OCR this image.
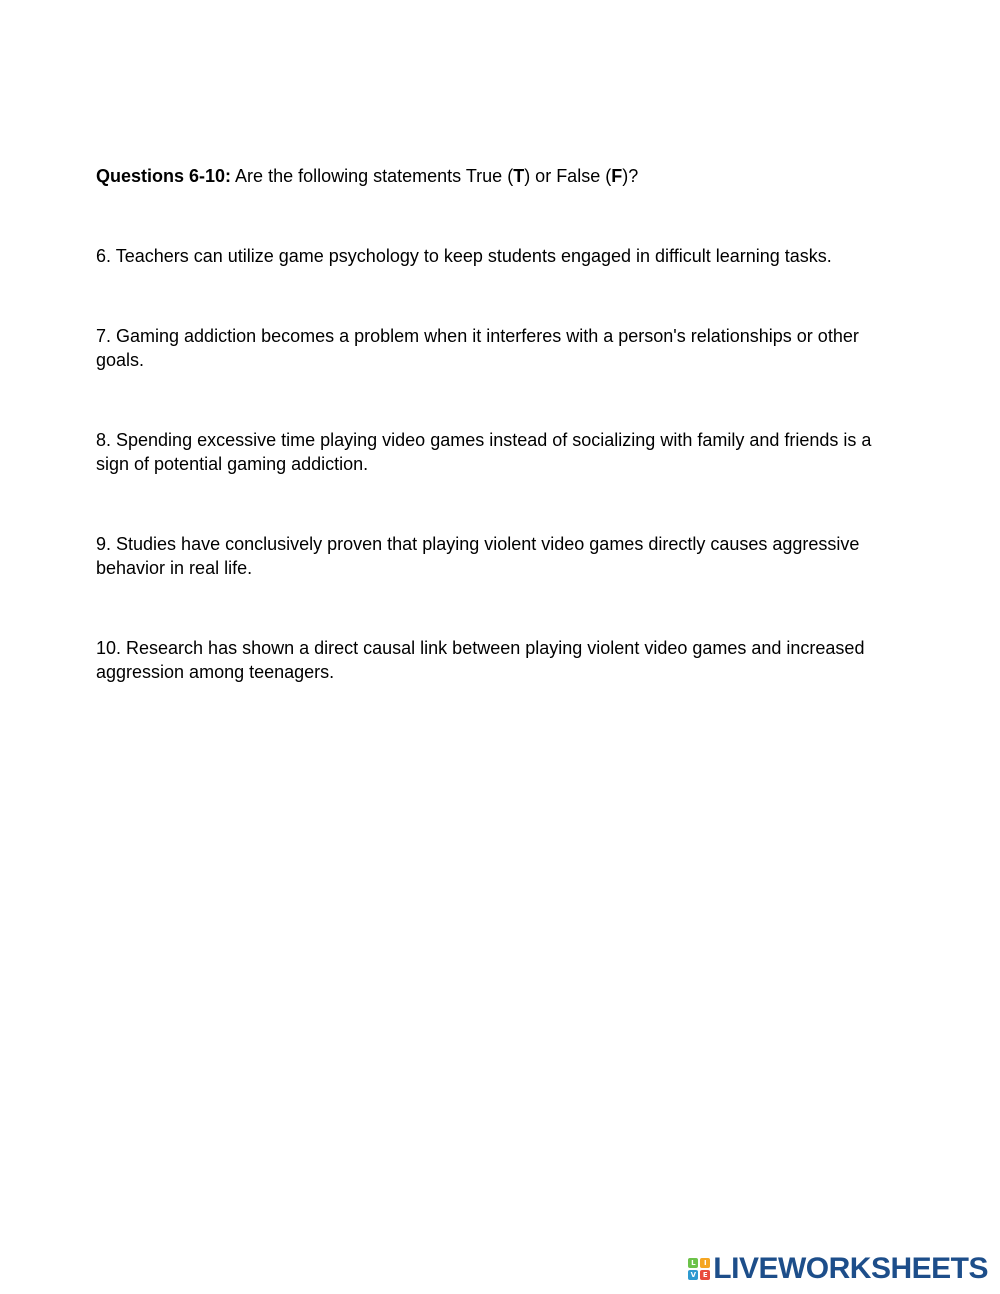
Questions 6-10: Are the following statements True (T) or False (F)?

6. Teachers can utilize game psychology to keep students engaged in difficult learning tasks.

7. Gaming addiction becomes a problem when it interferes with a person's relationships or other goals.

8. Spending excessive time playing video games instead of socializing with family and friends is a sign of potential gaming addiction.

9. Studies have conclusively proven that playing violent video games directly causes aggressive behavior in real life.

10. Research has shown a direct causal link between playing violent video games and increased aggression among teenagers.

L	I
V E LIVEWORKSHEETS
